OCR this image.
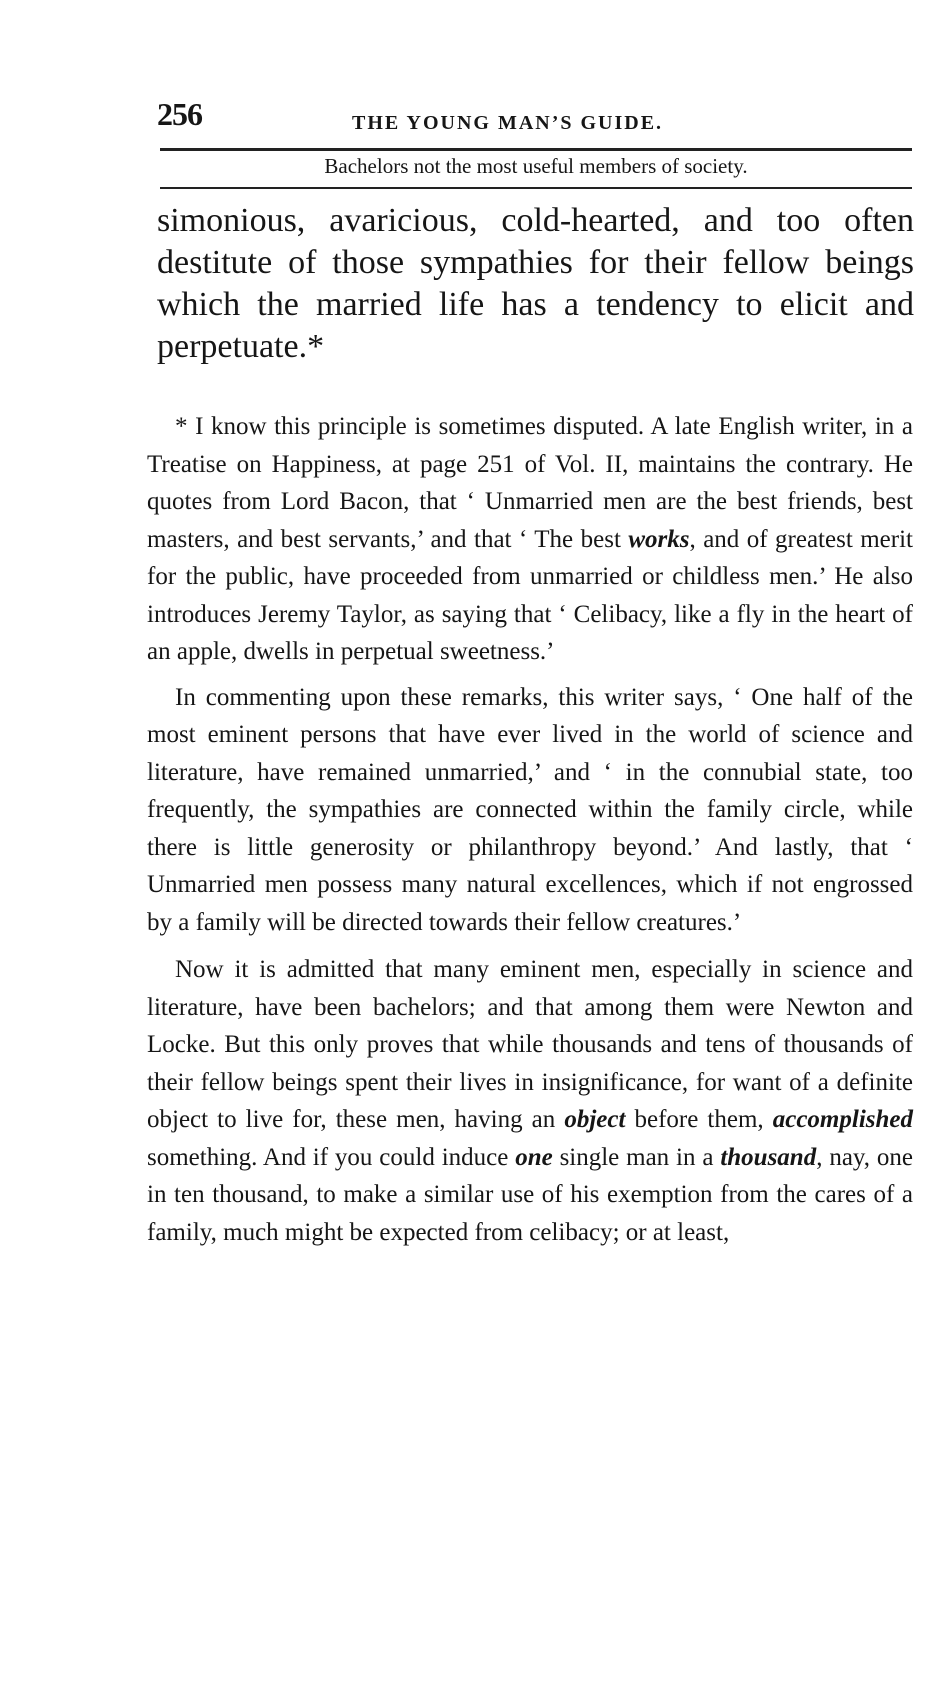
256	THE YOUNG MAN’S GUIDE.
Bachelors not the most useful members of society.

simonious, avaricious, cold-hearted, and too often destitute of those sympathies for their fellow beings which the married life has a tendency to elicit and perpetuate.*

* I know this principle is sometimes disputed. A late English writer, in a Treatise on Happiness, at page 251 of Vol. II, maintains the contrary. He quotes from Lord Bacon, that ‘ Unmarried men are the best friends, best masters, and best servants,’ and that ‘ The best works, and of greatest merit for the public, have proceeded from unmarried or childless men.’ He also introduces Jeremy Taylor, as saying that ‘ Celibacy, like a fly in the heart of an apple, dwells in perpetual sweetness.’

In commenting upon these remarks, this writer says, ‘ One half of the most eminent persons that have ever lived in the world of science and literature, have remained unmarried,’ and ‘ in the connubial state, too frequently, the sympathies are connected within the family circle, while there is little generosity or philanthropy beyond.’ And lastly, that ‘ Unmarried men possess many natural excellences, which if not engrossed by a family will be directed towards their fellow creatures.’

Now it is admitted that many eminent men, especially in science and literature, have been bachelors; and that among them were Newton and Locke. But this only proves that while thousands and tens of thousands of their fellow beings spent their lives in insignificance, for want of a definite object to live for, these men, having an object before them, accomplished something. And if you could induce one single man in a thousand, nay, one in ten thousand, to make a similar use of his exemption from the cares of a family, much might be expected from celibacy; or at least,
